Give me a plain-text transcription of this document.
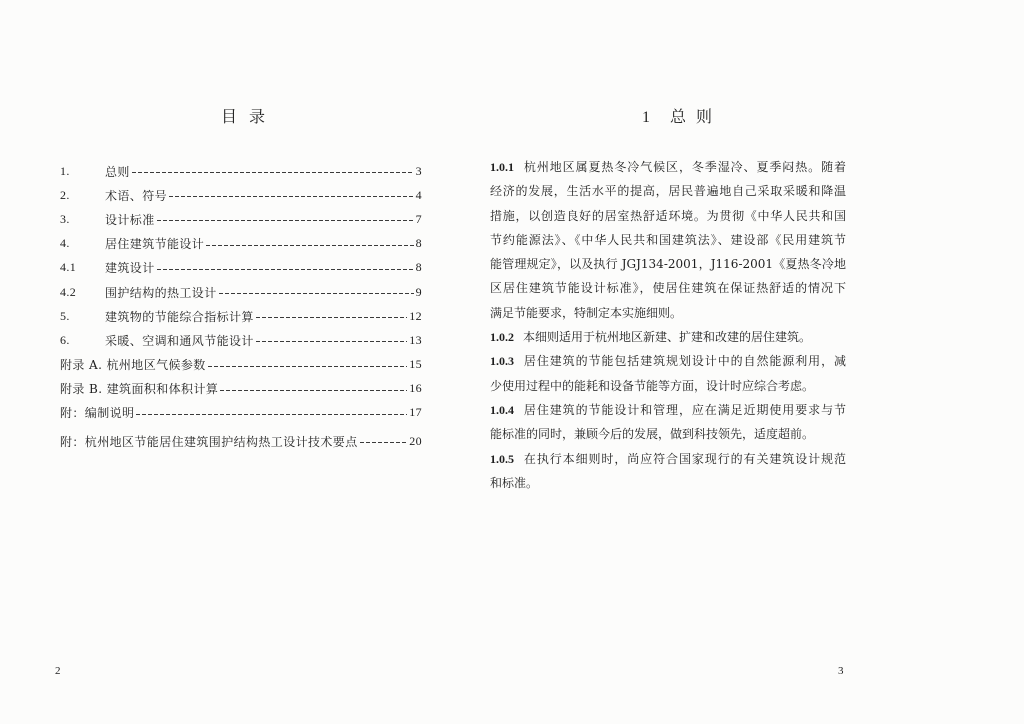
目录
1.	总则	3
2.	术语、符号	4
3.	设计标准	7
4.	居住建筑节能设计	8
4.1	建筑设计	8
4.2	围护结构的热工设计	9
5.	建筑物的节能综合指标计算	12
6.	采暖、空调和通风节能设计	13
附录 A. 杭州地区气候参数	15
附录 B. 建筑面积和体积计算	16
附：编制说明	17
附：杭州地区节能居住建筑围护结构热工设计技术要点	20
2
1 总则
1.0.1 杭州地区属夏热冬冷气候区，冬季湿冷、夏季闷热。随着
经济的发展，生活水平的提高，居民普遍地自己采取采暖和降温
措施，以创造良好的居室热舒适环境。为贯彻《中华人民共和国
节约能源法》、《中华人民共和国建筑法》、建设部《民用建筑节
能管理规定》，以及执行 JGJ134-2001，J116-2001《夏热冬冷地
区居住建筑节能设计标准》，使居住建筑在保证热舒适的情况下
满足节能要求，特制定本实施细则。
1.0.2 本细则适用于杭州地区新建、扩建和改建的居住建筑。
1.0.3 居住建筑的节能包括建筑规划设计中的自然能源利用，减
少使用过程中的能耗和设备节能等方面，设计时应综合考虑。
1.0.4 居住建筑的节能设计和管理，应在满足近期使用要求与节
能标准的同时，兼顾今后的发展，做到科技领先，适度超前。
1.0.5 在执行本细则时，尚应符合国家现行的有关建筑设计规范
和标准。
3
